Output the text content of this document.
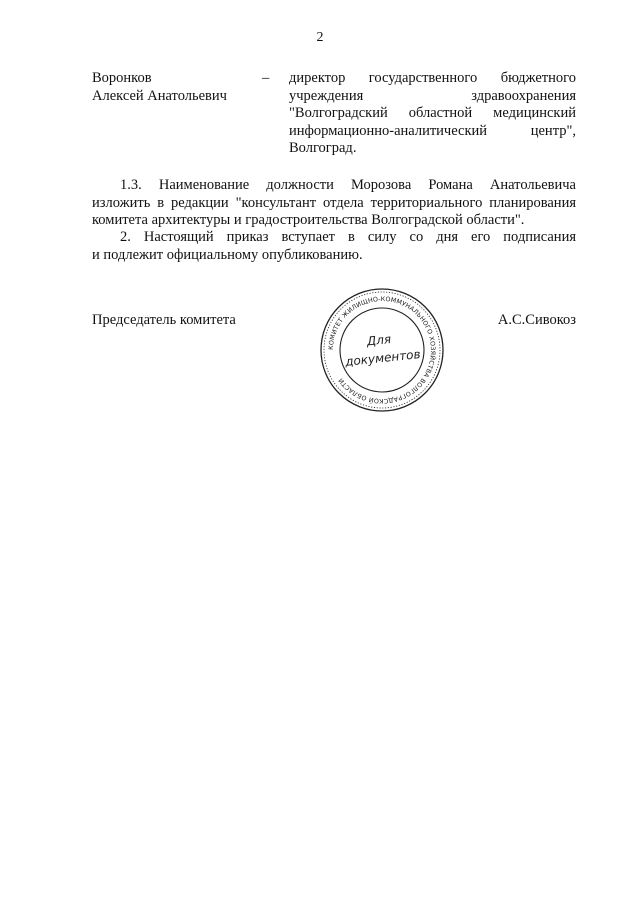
2
Воронков
Алексей Анатольевич
– директор государственного бюджетного
учреждения здравоохранения
"Волгоградский областной медицинский
информационно-аналитический центр",
Волгоград.
1.3. Наименование должности Морозова Романа Анатольевича
изложить в редакции "консультант отдела территориального планирования
комитета архитектуры и градостроительства Волгоградской области".
2. Настоящий приказ вступает в силу со дня его подписания
и подлежит официальному опубликованию.
Председатель комитета	А.С.Сивокоз
КОМИТЕТ ЖИЛИЩНО-КОММУНАЛЬНОГО ХОЗЯЙСТВА ВОЛГОГРАДСКОЙ ОБЛАСТИ
Для
документов
